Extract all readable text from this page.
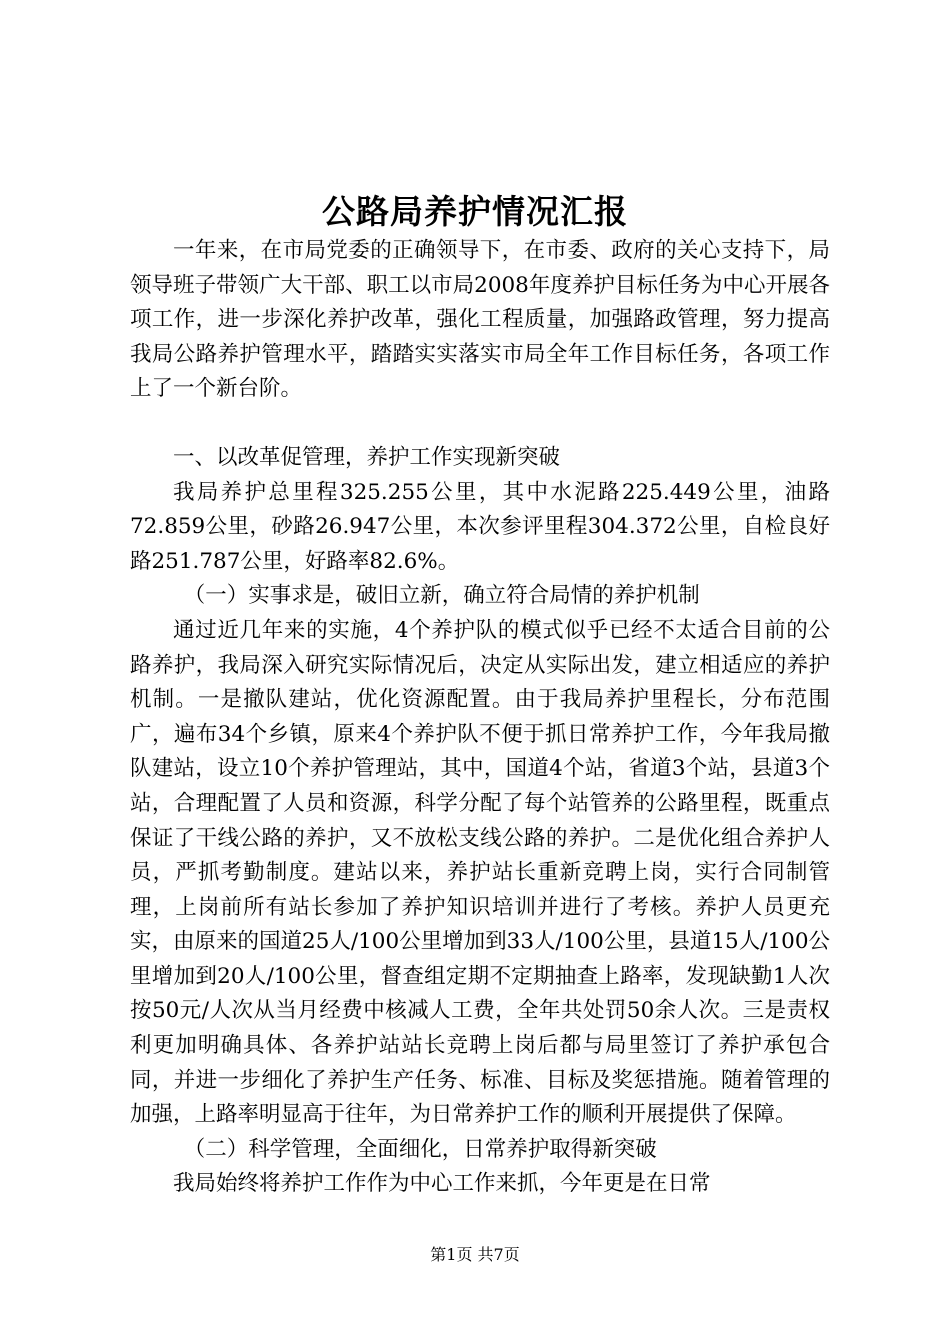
公路局养护情况汇报

一年来，在市局党委的正确领导下，在市委、政府的关心支持下，局领导班子带领广大干部、职工以市局2008年度养护目标任务为中心开展各项工作，进一步深化养护改革，强化工程质量，加强路政管理，努力提高我局公路养护管理水平，踏踏实实落实市局全年工作目标任务，各项工作上了一个新台阶。

一、以改革促管理，养护工作实现新突破

我局养护总里程325.255公里，其中水泥路225.449公里，油路72.859公里，砂路26.947公里，本次参评里程304.372公里，自检良好路251.787公里，好路率82.6%。

（一）实事求是，破旧立新，确立符合局情的养护机制

通过近几年来的实施，4个养护队的模式似乎已经不太适合目前的公路养护，我局深入研究实际情况后，决定从实际出发，建立相适应的养护机制。一是撤队建站，优化资源配置。由于我局养护里程长，分布范围广，遍布34个乡镇，原来4个养护队不便于抓日常养护工作，今年我局撤队建站，设立10个养护管理站，其中，国道4个站，省道3个站，县道3个站，合理配置了人员和资源，科学分配了每个站管养的公路里程，既重点保证了干线公路的养护，又不放松支线公路的养护。二是优化组合养护人员，严抓考勤制度。建站以来，养护站长重新竞聘上岗，实行合同制管理，上岗前所有站长参加了养护知识培训并进行了考核。养护人员更充实，由原来的国道25人/100公里增加到33人/100公里，县道15人/100公里增加到20人/100公里，督查组定期不定期抽查上路率，发现缺勤1人次按50元/人次从当月经费中核减人工费，全年共处罚50余人次。三是责权利更加明确具体、各养护站站长竞聘上岗后都与局里签订了养护承包合同，并进一步细化了养护生产任务、标准、目标及奖惩措施。随着管理的加强，上路率明显高于往年，为日常养护工作的顺利开展提供了保障。

（二）科学管理，全面细化，日常养护取得新突破

我局始终将养护工作作为中心工作来抓，今年更是在日常

第1页 共7页
